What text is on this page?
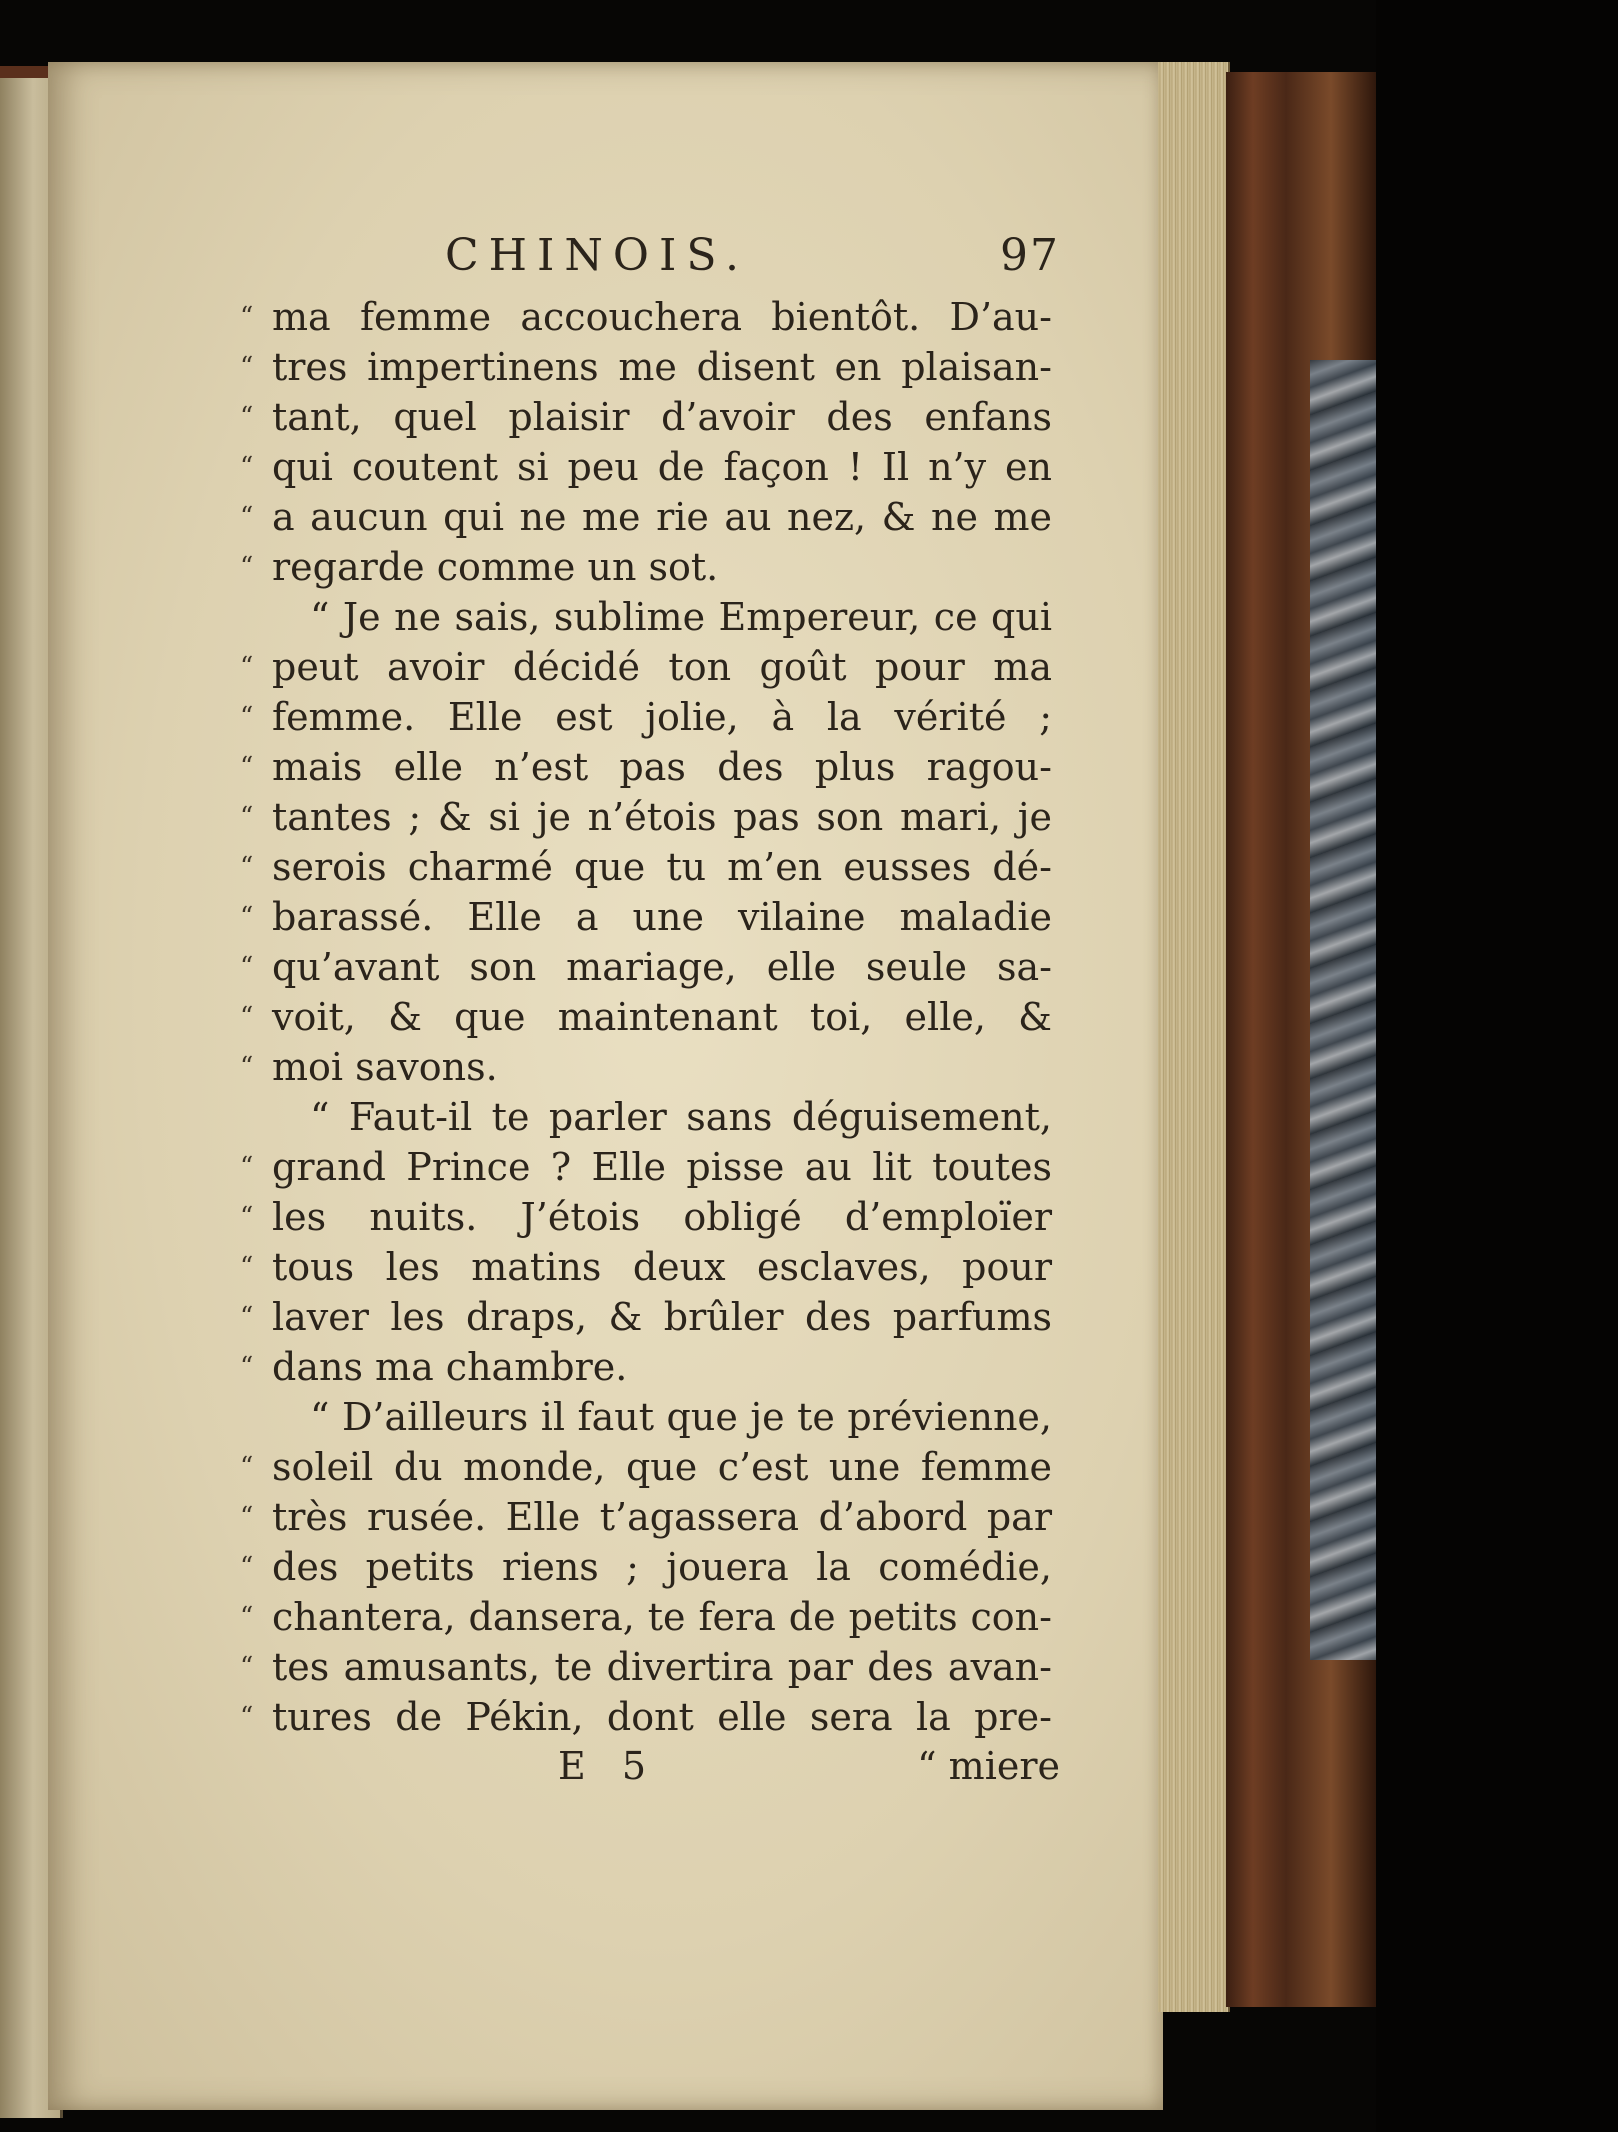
CHINOIS.	97
“ ma femme accouchera bientôt. D’au-
“ tres impertinens me disent en plaisan-
“ tant, quel plaisir d’avoir des enfans
“ qui coutent si peu de façon ! Il n’y en
“ a aucun qui ne me rie au nez, & ne me
“ regarde comme un sot.
“ Je ne sais, sublime Empereur, ce qui
“ peut avoir décidé ton goût pour ma
“ femme. Elle est jolie, à la vérité ;
“ mais elle n’est pas des plus ragou-
“ tantes ; & si je n’étois pas son mari, je
“ serois charmé que tu m’en eusses dé-
“ barassé. Elle a une vilaine maladie
“ qu’avant son mariage, elle seule sa-
“ voit, & que maintenant toi, elle, &
“ moi savons.
“ Faut-il te parler sans déguisement,
“ grand Prince ? Elle pisse au lit toutes
“ les nuits. J’étois obligé d’emploïer
“ tous les matins deux esclaves, pour
“ laver les draps, & brûler des parfums
“ dans ma chambre.
“ D’ailleurs il faut que je te prévienne,
“ soleil du monde, que c’est une femme
“ très rusée. Elle t’agassera d’abord par
“ des petits riens ; jouera la comédie,
“ chantera, dansera, te fera de petits con-
“ tes amusants, te divertira par des avan-
“ tures de Pékin, dont elle sera la pre-
E 5	“ miere
